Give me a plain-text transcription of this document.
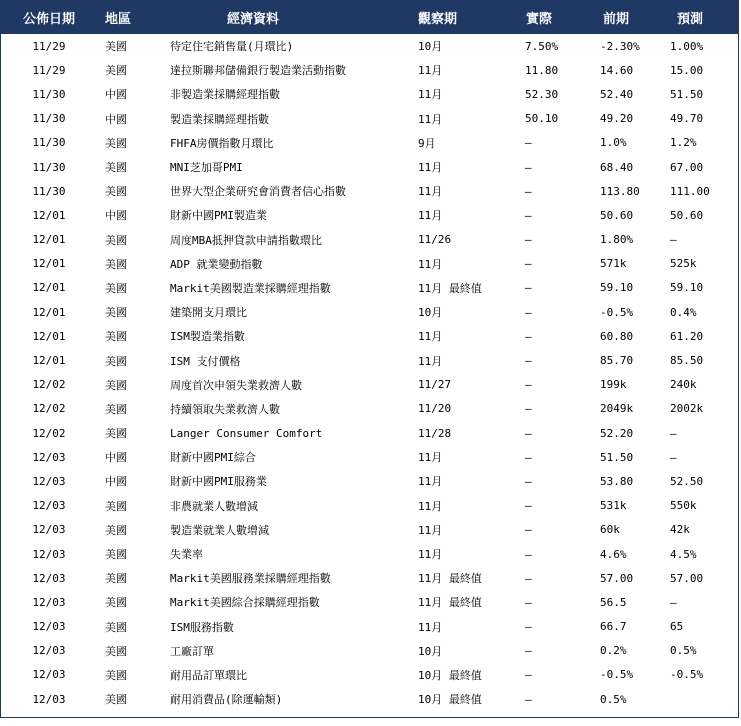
公佈日期	地區	經濟資料	觀察期	實際	前期	預測
11/29	美國	待定住宅銷售量(月環比)	10月	7.50%	-2.30%	1.00%
11/29	美國	達拉斯聯邦儲備銀行製造業活動指數	11月	11.80	14.60	15.00
11/30	中國	非製造業採購經理指數	11月	52.30	52.40	51.50
11/30	中國	製造業採購經理指數	11月	50.10	49.20	49.70
11/30	美國	FHFA房價指數月環比	9月	—	1.0%	1.2%
11/30	美國	MNI芝加哥PMI	11月	—	68.40	67.00
11/30	美國	世界大型企業研究會消費者信心指數	11月	—	113.80	111.00
12/01	中國	財新中國PMI製造業	11月	—	50.60	50.60
12/01	美國	周度MBA抵押貸款申請指數環比	11/26	—	1.80%	—
12/01	美國	ADP 就業變動指數	11月	—	571k	525k
12/01	美國	Markit美國製造業採購經理指數	11月 最終值	—	59.10	59.10
12/01	美國	建築開支月環比	10月	—	-0.5%	0.4%
12/01	美國	ISM製造業指數	11月	—	60.80	61.20
12/01	美國	ISM 支付價格	11月	—	85.70	85.50
12/02	美國	周度首次申領失業救濟人數	11/27	—	199k	240k
12/02	美國	持續領取失業救濟人數	11/20	—	2049k	2002k
12/02	美國	Langer Consumer Comfort	11/28	—	52.20	—
12/03	中國	財新中國PMI綜合	11月	—	51.50	—
12/03	中國	財新中國PMI服務業	11月	—	53.80	52.50
12/03	美國	非農就業人數增減	11月	—	531k	550k
12/03	美國	製造業就業人數增減	11月	—	60k	42k
12/03	美國	失業率	11月	—	4.6%	4.5%
12/03	美國	Markit美國服務業採購經理指數	11月 最終值	—	57.00	57.00
12/03	美國	Markit美國綜合採購經理指數	11月 最終值	—	56.5	—
12/03	美國	ISM服務指數	11月	—	66.7	65
12/03	美國	工廠訂單	10月	—	0.2%	0.5%
12/03	美國	耐用品訂單環比	10月 最終值	—	-0.5%	-0.5%
12/03	美國	耐用消費品(除運輸類)	10月 最終值	—	0.5%	
